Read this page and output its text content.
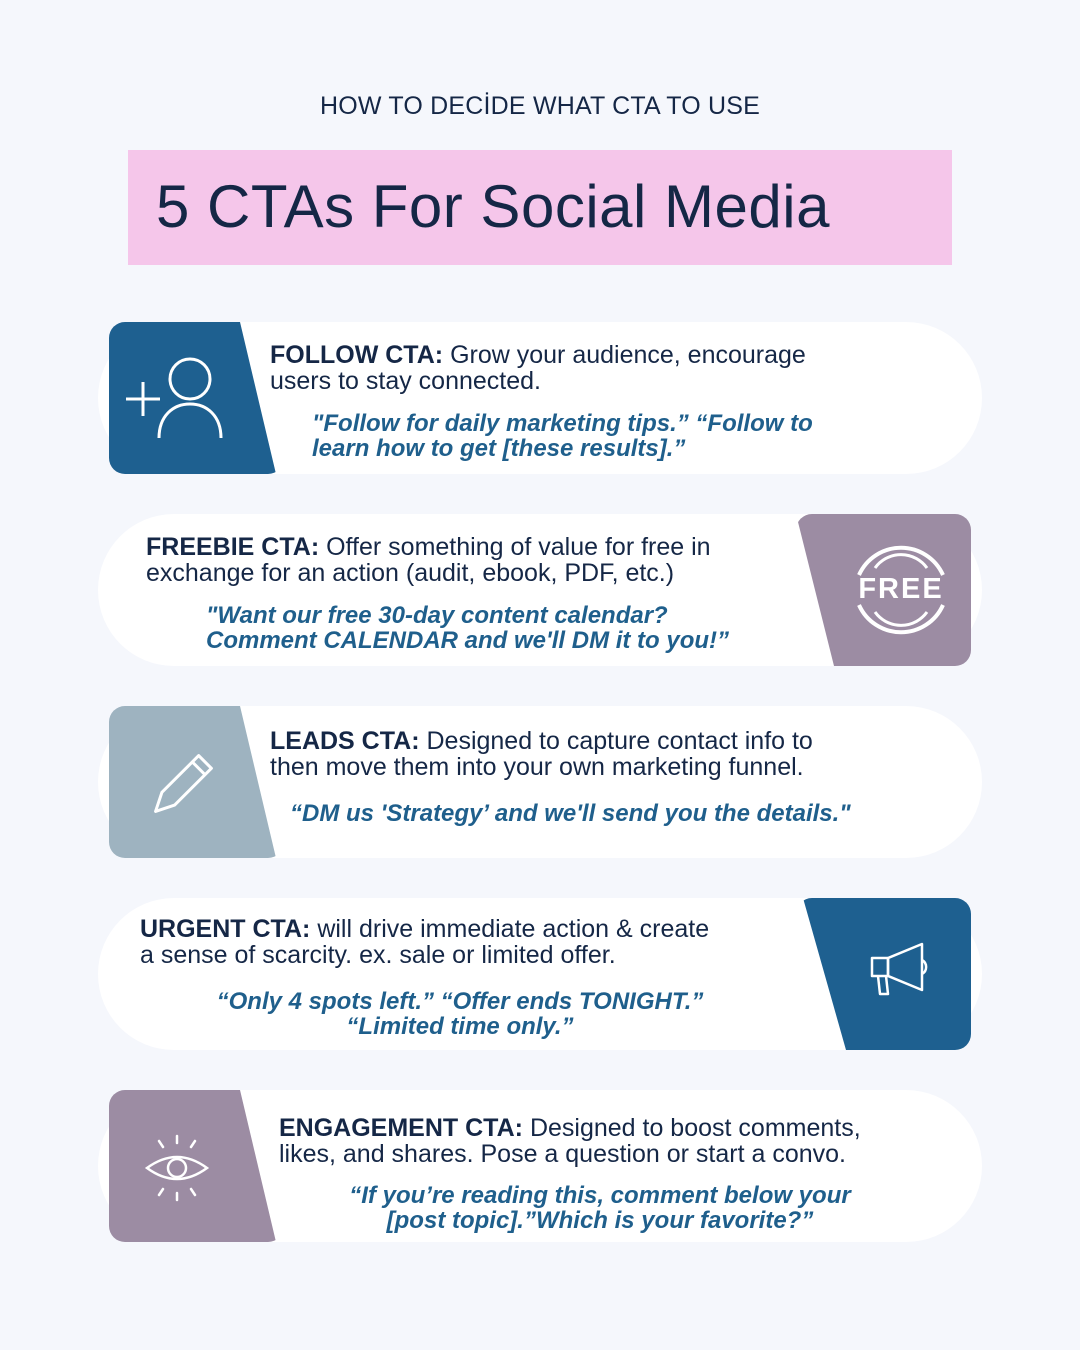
HOW TO DECİDE WHAT CTA TO USE
5 CTAs For Social Media
FOLLOW CTA: Grow your audience, encourage
users to stay connected.
"Follow for daily marketing tips.” “Follow to
learn how to get [these results].”
FREE
FREEBIE CTA: Offer something of value for free in
exchange for an action (audit, ebook, PDF, etc.)
"Want our free 30-day content calendar?
Comment CALENDAR and we'll DM it to you!”
LEADS CTA: Designed to capture contact info to
then move them into your own marketing funnel.
“DM us 'Strategy’ and we'll send you the details."
URGENT CTA: will drive immediate action & create
a sense of scarcity. ex. sale or limited offer.
“Only 4 spots left.” “Offer ends TONIGHT.”
“Limited time only.”
ENGAGEMENT CTA: Designed to boost comments,
likes, and shares. Pose a question or start a convo.
“If you’re reading this, comment below your
[post topic].”Which is your favorite?”
